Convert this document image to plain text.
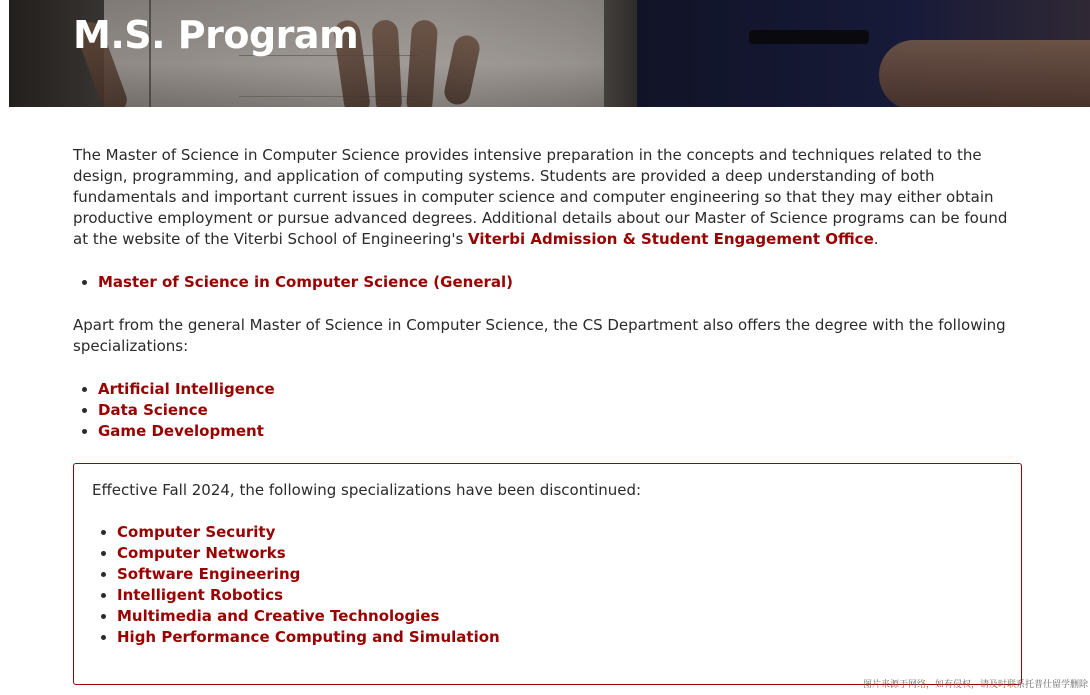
M.S. Program

The Master of Science in Computer Science provides intensive preparation in the concepts and techniques related to the design, programming, and application of computing systems. Students are provided a deep understanding of both fundamentals and important current issues in computer science and computer engineering so that they may either obtain productive employment or pursue advanced degrees. Additional details about our Master of Science programs can be found at the website of the Viterbi School of Engineering's Viterbi Admission & Student Engagement Office.

• Master of Science in Computer Science (General)

Apart from the general Master of Science in Computer Science, the CS Department also offers the degree with the following specializations:

• Artificial Intelligence
• Data Science
• Game Development

Effective Fall 2024, the following specializations have been discontinued:

• Computer Security
• Computer Networks
• Software Engineering
• Intelligent Robotics
• Multimedia and Creative Technologies
• High Performance Computing and Simulation
图片来源于网络，如有侵权，请及时联系托普仕留学删除
